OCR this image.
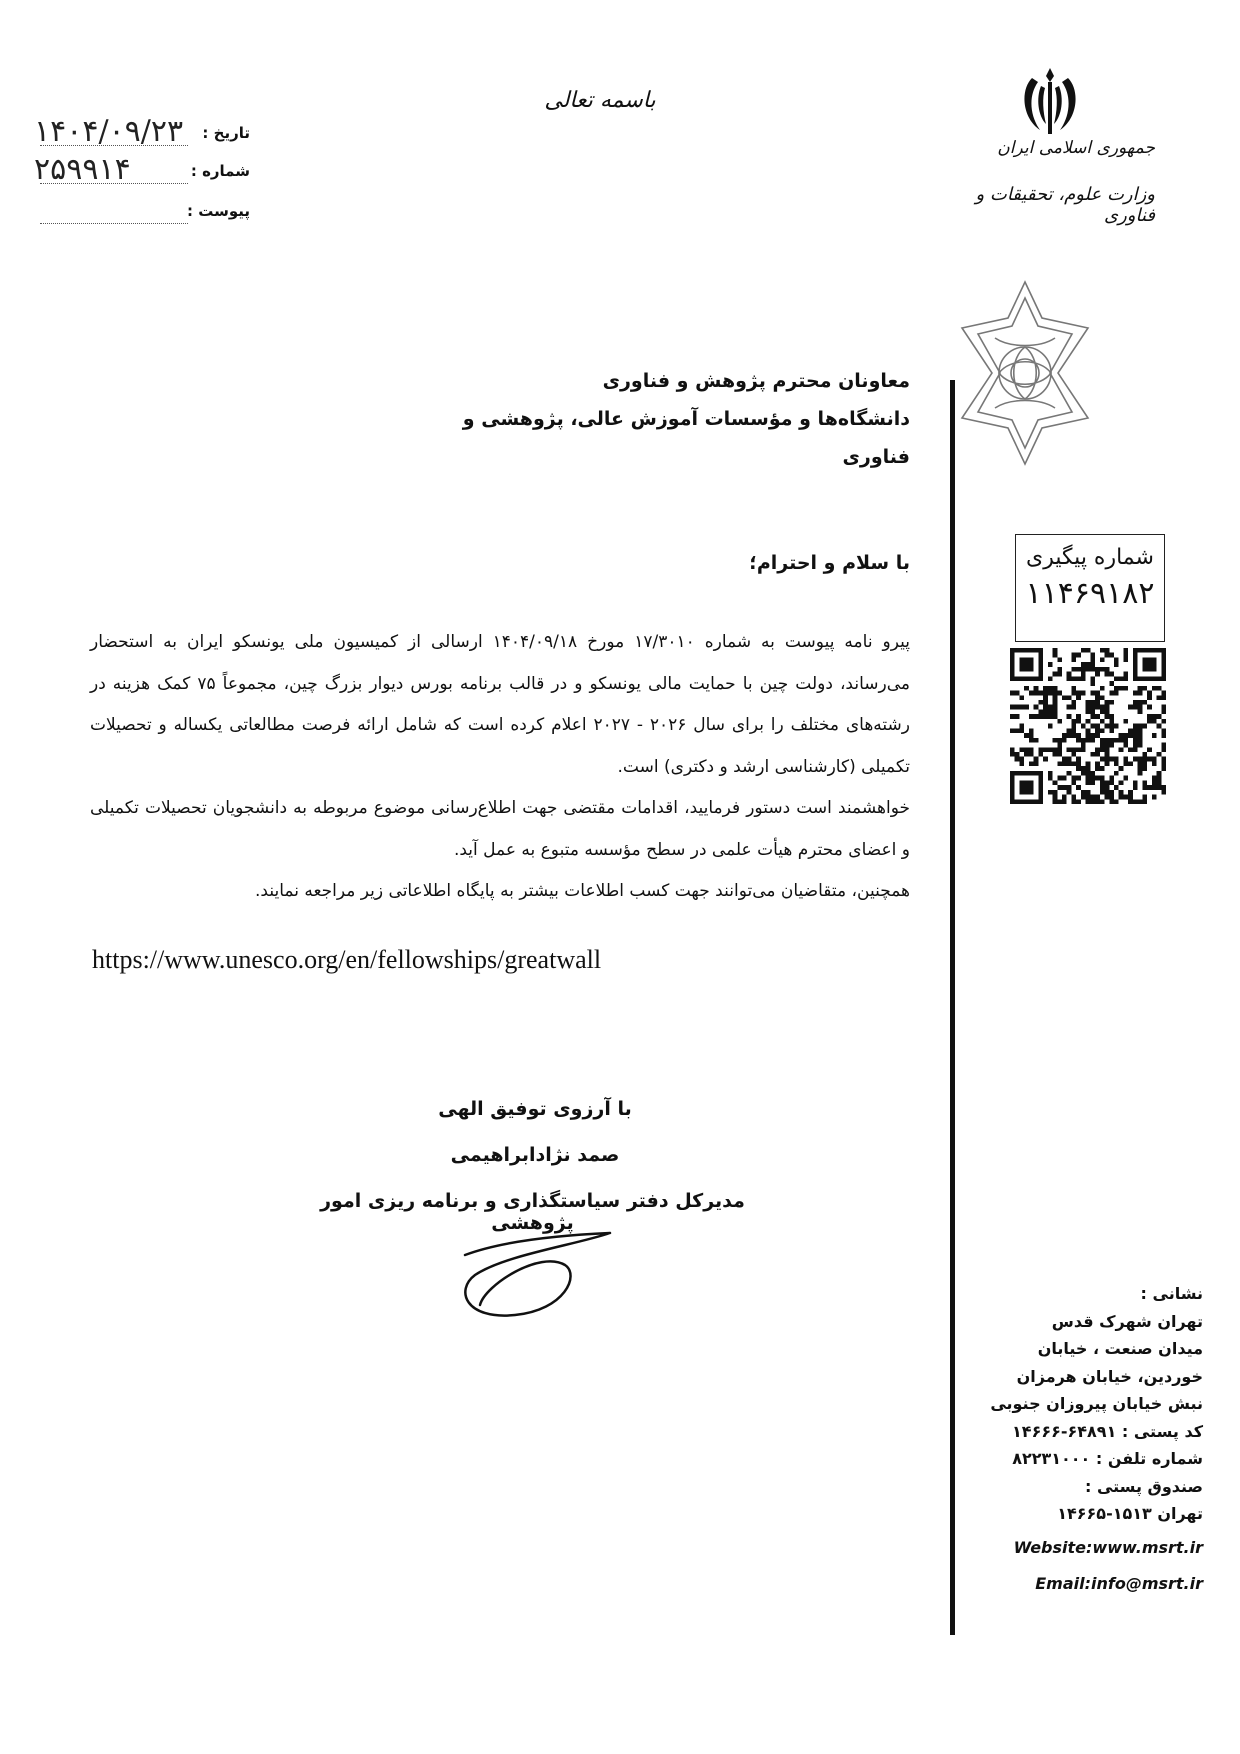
تاریخ :
۱۴۰۴/۰۹/۲۳
شماره :
۲۵۹۹۱۴
پیوست :
باسمه تعالی
جمهوری اسلامی ایران
وزارت علوم، تحقیقات و فناوری
معاونان محترم پژوهش و فناوری
دانشگاه‌ها و مؤسسات آموزش عالی، پژوهشی و فناوری
با سلام و احترام؛
پیرو نامه پیوست به شماره ۱۷/۳۰۱۰ مورخ ۱۴۰۴/۰۹/۱۸ ارسالی از کمیسیون ملی یونسکو ایران به استحضار می‌رساند، دولت چین با حمایت مالی یونسکو و در قالب برنامه بورس دیوار بزرگ چین، مجموعاً ۷۵ کمک هزینه در رشته‌های مختلف را برای سال ۲۰۲۶ - ۲۰۲۷ اعلام کرده است که شامل ارائه فرصت مطالعاتی یکساله و تحصیلات تکمیلی (کارشناسی ارشد و دکتری) است.
خواهشمند است دستور فرمایید، اقدامات مقتضی جهت اطلاع‌رسانی موضوع مربوطه به دانشجویان تحصیلات تکمیلی و اعضای محترم هیأت علمی در سطح مؤسسه متبوع به عمل آید.
همچنین، متقاضیان می‌توانند جهت کسب اطلاعات بیشتر به پایگاه اطلاعاتی زیر مراجعه نمایند.
https://www.unesco.org/en/fellowships/greatwall
با آرزوی توفیق الهی
صمد نژادابراهیمی
مدیرکل دفتر سیاستگذاری و برنامه ریزی امور پژوهشی
شماره پیگیری
۱۱۴۶۹۱۸۲
نشانی :
تهران شهرک قدس
میدان صنعت ، خیابان
خوردین، خیابان هرمزان
نبش خیابان پیروزان جنوبی
کد پستی : ۶۴۸۹۱-۱۴۶۶۶
شماره تلفن : ۸۲۲۳۱۰۰۰
صندوق پستی :
تهران ۱۵۱۳-۱۴۶۶۵
Website:www.msrt.ir
Email:info@msrt.ir
